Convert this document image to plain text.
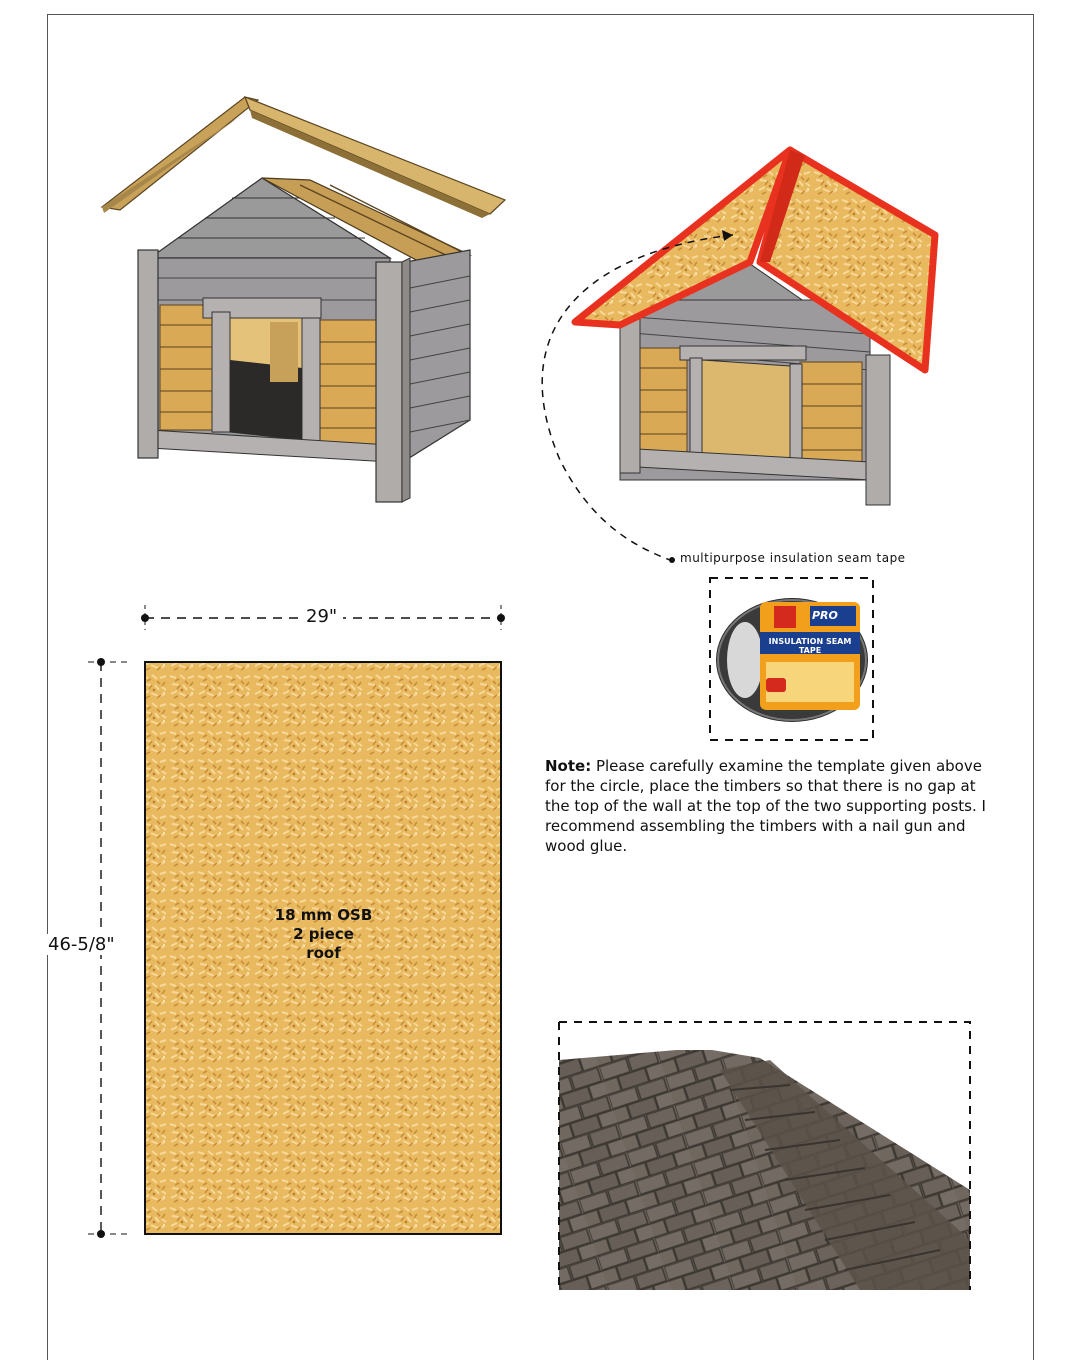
29"
46-5/8"
multipurpose insulation seam tape
PRO
INSULATION SEAM TAPE
Note: Please carefully examine the template given above for the circle, place the timbers so that there is no gap at the top of the wall at the top of the two supporting posts. I recommend assembling the timbers with a nail gun and wood glue.
18 mm OSB
2 piece
roof
